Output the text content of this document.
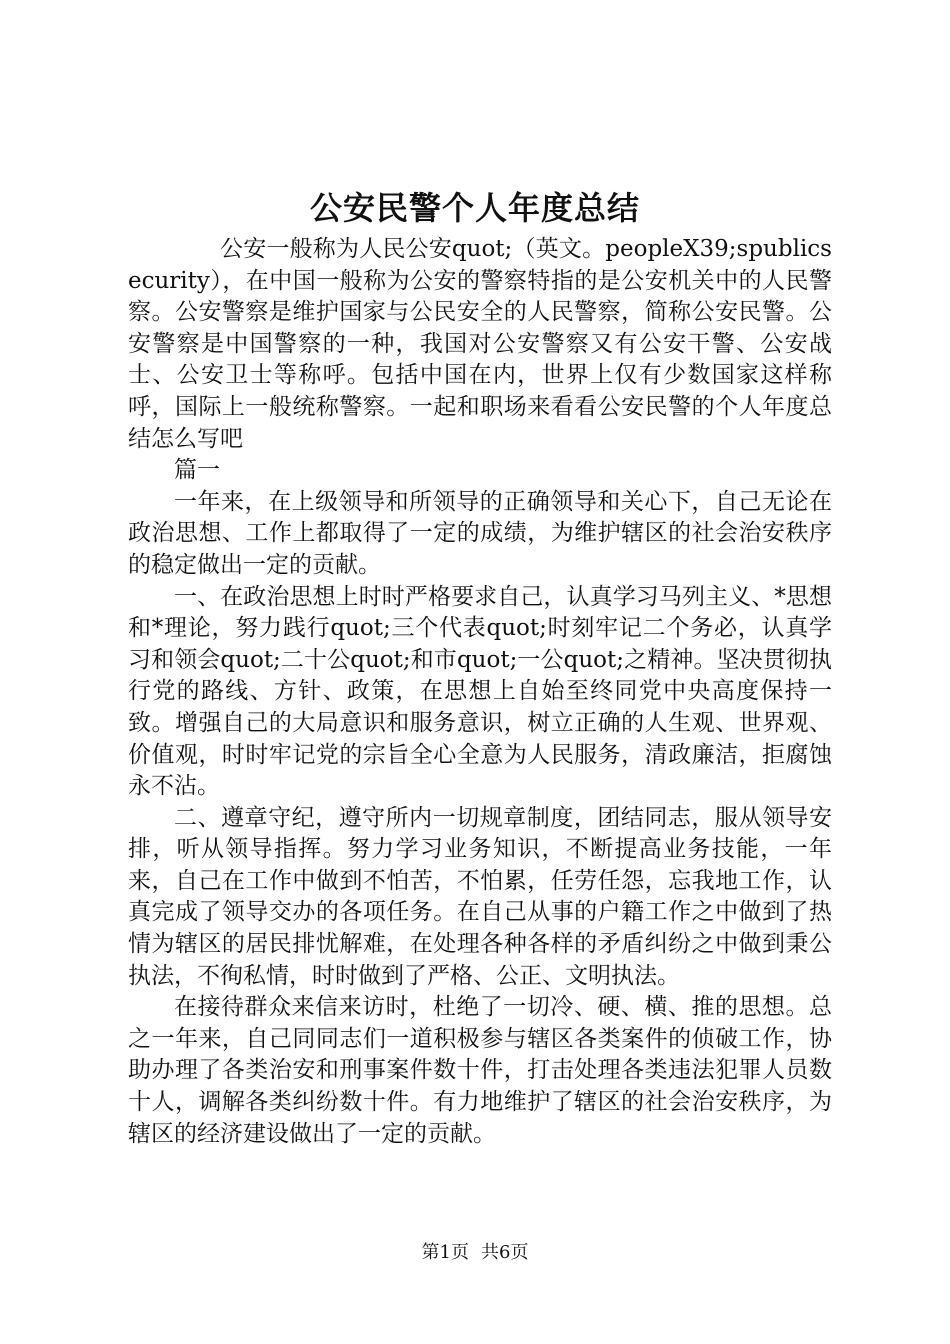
公安民警个人年度总结

公安一般称为人民公安quot;（英文。peopleX39;spublicsecurity），在中国一般称为公安的警察特指的是公安机关中的人民警察。公安警察是维护国家与公民安全的人民警察，简称公安民警。公安警察是中国警察的一种，我国对公安警察又有公安干警、公安战士、公安卫士等称呼。包括中国在内，世界上仅有少数国家这样称呼，国际上一般统称警察。一起和职场来看看公安民警的个人年度总结怎么写吧

篇一

一年来，在上级领导和所领导的正确领导和关心下，自己无论在政治思想、工作上都取得了一定的成绩，为维护辖区的社会治安秩序的稳定做出一定的贡献。

一、在政治思想上时时严格要求自己，认真学习马列主义、*思想和*理论，努力践行quot;三个代表quot;时刻牢记二个务必，认真学习和领会quot;二十公quot;和市quot;一公quot;之精神。坚决贯彻执行党的路线、方针、政策，在思想上自始至终同党中央高度保持一致。增强自己的大局意识和服务意识，树立正确的人生观、世界观、价值观，时时牢记党的宗旨全心全意为人民服务，清政廉洁，拒腐蚀永不沾。

二、遵章守纪，遵守所内一切规章制度，团结同志，服从领导安排，听从领导指挥。努力学习业务知识，不断提高业务技能，一年来，自己在工作中做到不怕苦，不怕累，任劳任怨，忘我地工作，认真完成了领导交办的各项任务。在自己从事的户籍工作之中做到了热情为辖区的居民排忧解难，在处理各种各样的矛盾纠纷之中做到秉公执法，不徇私情，时时做到了严格、公正、文明执法。

在接待群众来信来访时，杜绝了一切冷、硬、横、推的思想。总之一年来，自己同同志们一道积极参与辖区各类案件的侦破工作，协助办理了各类治安和刑事案件数十件，打击处理各类违法犯罪人员数十人，调解各类纠纷数十件。有力地维护了辖区的社会治安秩序，为辖区的经济建设做出了一定的贡献。

第1页 共6页
